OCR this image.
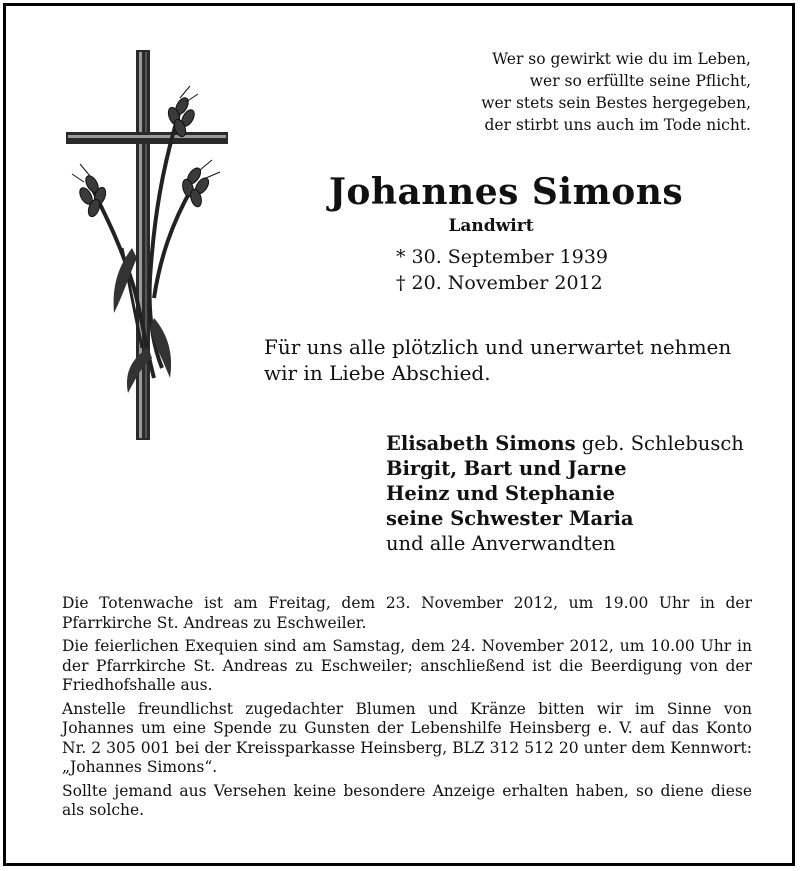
Wer so gewirkt wie du im Leben,
wer so erfüllte seine Pflicht,
wer stets sein Bestes hergegeben,
der stirbt uns auch im Tode nicht.
Johannes Simons
Landwirt
* 30. September 1939
† 20. November 2012
Für uns alle plötzlich und unerwartet nehmen wir in Liebe Abschied.
Elisabeth Simons geb. Schlebusch
Birgit, Bart und Jarne
Heinz und Stephanie
seine Schwester Maria
und alle Anverwandten

Die Totenwache ist am Freitag, dem 23. November 2012, um 19.00 Uhr in der Pfarrkirche St. Andreas zu Eschweiler.

Die feierlichen Exequien sind am Samstag, dem 24. November 2012, um 10.00 Uhr in der Pfarrkirche St. Andreas zu Eschweiler; anschließend ist die Beerdigung von der Friedhofshalle aus.

Anstelle freundlichst zugedachter Blumen und Kränze bitten wir im Sinne von Johannes um eine Spende zu Gunsten der Lebenshilfe Heinsberg e. V. auf das Konto Nr. 2 305 001 bei der Kreissparkasse Heinsberg, BLZ 312 512 20 unter dem Kennwort: „Johannes Simons“.

Sollte jemand aus Versehen keine besondere Anzeige erhalten haben, so diene diese als solche.
